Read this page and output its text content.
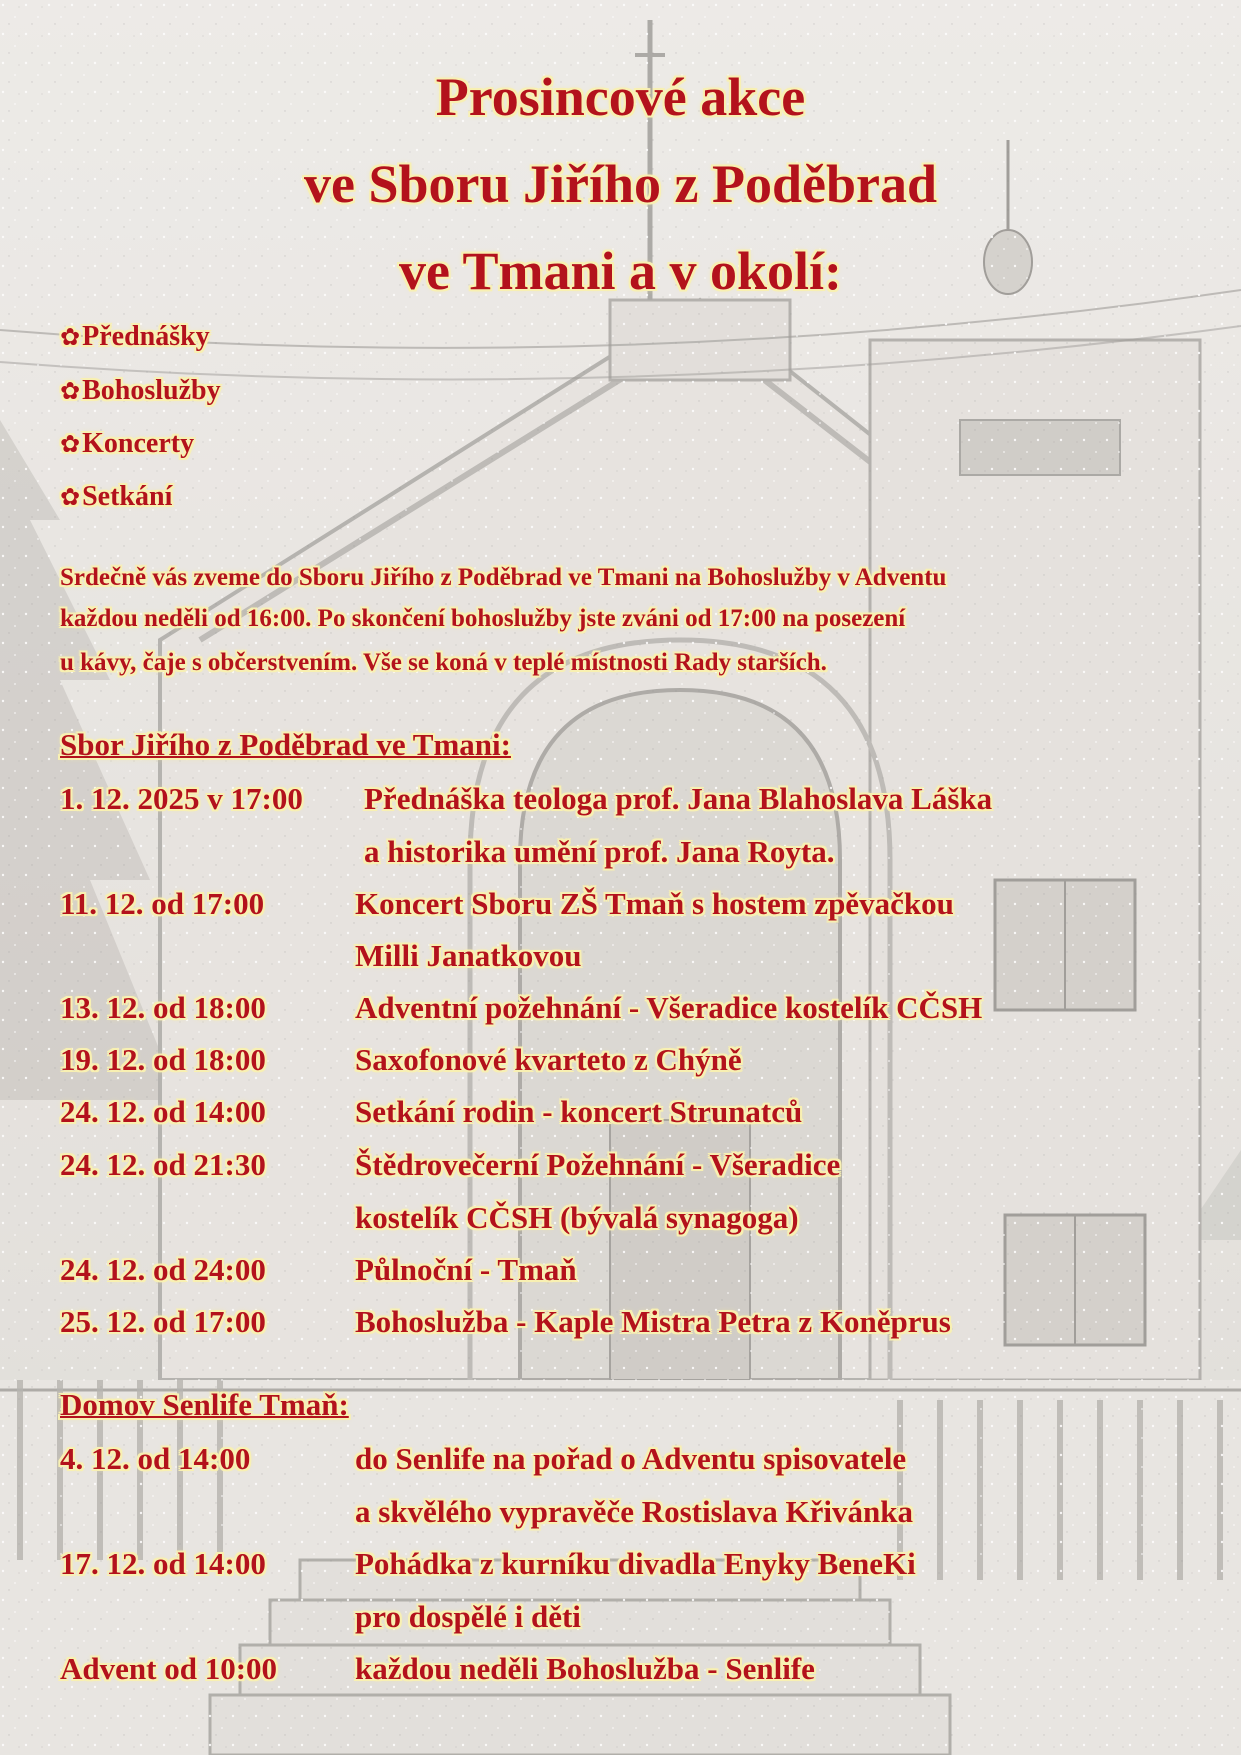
Prosincové akce
ve Sboru Jiřího z Poděbrad
ve Tmani a v okolí:
✿Přednášky
✿Bohoslužby
✿Koncerty
✿Setkání

Srdečně vás zveme do Sboru Jiřího z Poděbrad ve Tmani na Bohoslužby v Adventu

každou neděli od 16:00. Po skončení bohoslužby jste zváni od 17:00 na posezení

u kávy, čaje s občerstvením. Vše se koná v teplé místnosti Rady starších.

Sbor Jiřího z Poděbrad ve Tmani:
1. 12. 2025 v 17:00 Přednáška teologa prof. Jana Blahoslava Láška
a historika umění prof. Jana Royta.
11. 12. od 17:00	Koncert Sboru ZŠ Tmaň s hostem zpěvačkou
Milli Janatkovou
13. 12. od 18:00	Adventní požehnání - Všeradice kostelík CČSH
19. 12. od 18:00	Saxofonové kvarteto z Chýně
24. 12. od 14:00	Setkání rodin - koncert Strunatců
24. 12. od 21:30	Štědrovečerní Požehnání - Všeradice
kostelík CČSH (bývalá synagoga)
24. 12. od 24:00	Půlnoční - Tmaň
25. 12. od 17:00	Bohoslužba - Kaple Mistra Petra z Koněprus
Domov Senlife Tmaň:
4. 12. od 14:00	do Senlife na pořad o Adventu spisovatele
a skvělého vypravěče Rostislava Křivánka
17. 12. od 14:00	Pohádka z kurníku divadla Enyky BeneKi
pro dospělé i děti
Advent od 10:00	každou neděli Bohoslužba - Senlife
